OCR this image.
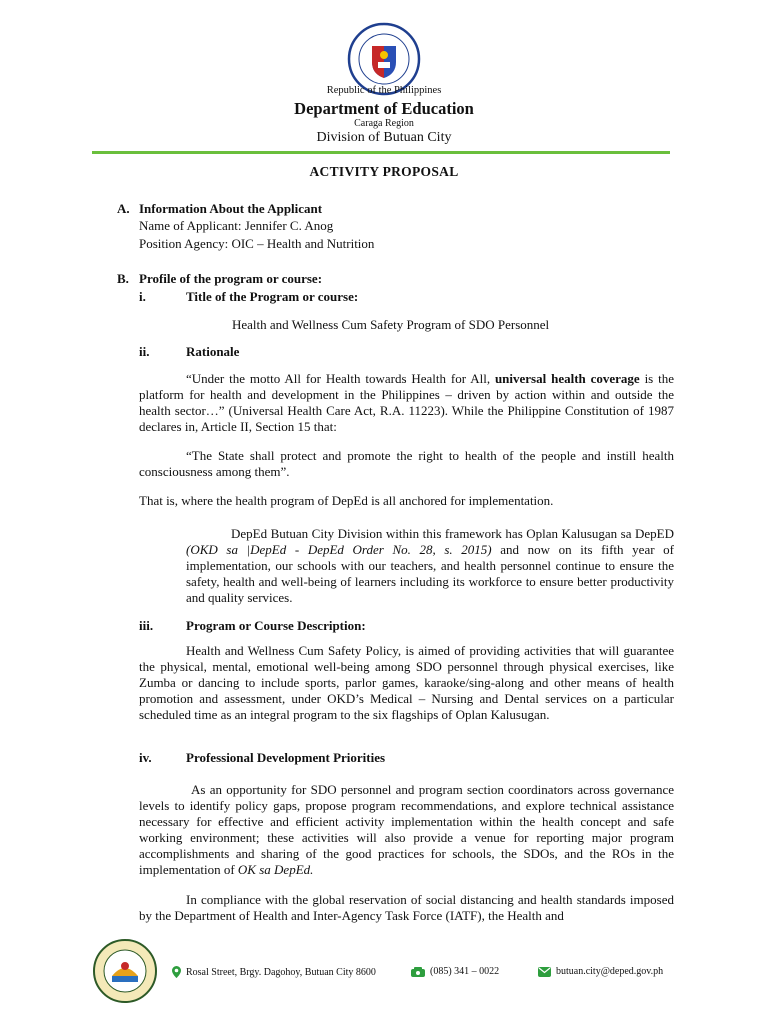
Republic of the Philippines
Department of Education
Caraga Region
Division of Butuan City
ACTIVITY PROPOSAL
A. Information About the Applicant
Name of Applicant: Jennifer C. Anog
Position Agency: OIC – Health and Nutrition
B. Profile of the program or course:
i.	Title of the Program or course:
Health and Wellness Cum Safety Program of SDO Personnel
ii.	Rationale
“Under the motto All for Health towards Health for All, universal health coverage is the platform for health and development in the Philippines – driven by action within and outside the health sector…” (Universal Health Care Act, R.A. 11223). While the Philippine Constitution of 1987 declares in, Article II, Section 15 that:
“The State shall protect and promote the right to health of the people and instill health consciousness among them”.
That is, where the health program of DepEd is all anchored for implementation.
DepEd Butuan City Division within this framework has Oplan Kalusugan sa DepED (OKD sa |DepEd - DepEd Order No. 28, s. 2015) and now on its fifth year of implementation, our schools with our teachers, and health personnel continue to ensure the safety, health and well-being of learners including its workforce to ensure better productivity and quality services.
iii.	Program or Course Description:
Health and Wellness Cum Safety Policy, is aimed of providing activities that will guarantee the physical, mental, emotional well-being among SDO personnel through physical exercises, like Zumba or dancing to include sports, parlor games, karaoke/sing-along and other means of health promotion and assessment, under OKD’s Medical – Nursing and Dental services on a particular scheduled time as an integral program to the six flagships of Oplan Kalusugan.
iv.	Professional Development Priorities
As an opportunity for SDO personnel and program section coordinators across governance levels to identify policy gaps, propose program recommendations, and explore technical assistance necessary for effective and efficient activity implementation within the health concept and safe working environment; these activities will also provide a venue for reporting major program accomplishments and sharing of the good practices for schools, the SDOs, and the ROs in the implementation of OK sa DepEd.
In compliance with the global reservation of social distancing and health standards imposed by the Department of Health and Inter-Agency Task Force (IATF), the Health and
Rosal Street, Brgy. Dagohoy, Butuan City 8600	(085) 341 – 0022	butuan.city@deped.gov.ph
